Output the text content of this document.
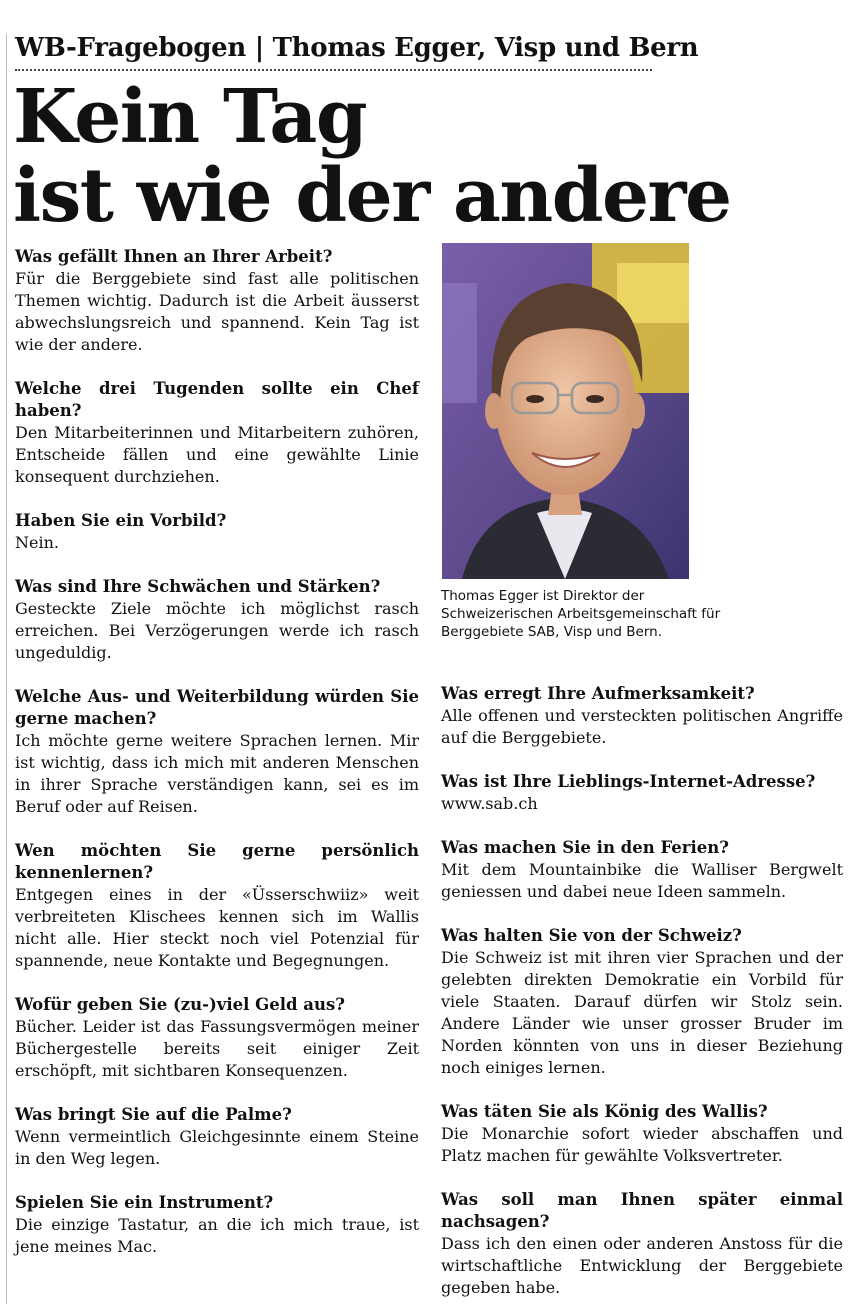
WB-Fragebogen | Thomas Egger, Visp und Bern
Kein Tag
ist wie der andere

Was gefällt Ihnen an Ihrer Arbeit?

Für die Berggebiete sind fast alle politischen Themen wichtig. Dadurch ist die Arbeit äusserst abwechslungsreich und spannend. Kein Tag ist wie der andere.

Welche drei Tugenden sollte ein Chef haben?

Den Mitarbeiterinnen und Mitarbeitern zuhören, Entscheide fällen und eine gewählte Linie konsequent durchziehen.

Haben Sie ein Vorbild?

Nein.

Was sind Ihre Schwächen und Stärken?

Gesteckte Ziele möchte ich möglichst rasch erreichen. Bei Verzögerungen werde ich rasch ungeduldig.

Welche Aus- und Weiterbildung würden Sie gerne machen?

Ich möchte gerne weitere Sprachen lernen. Mir ist wichtig, dass ich mich mit anderen Menschen in ihrer Sprache verständigen kann, sei es im Beruf oder auf Reisen.

Wen möchten Sie gerne persönlich kennenlernen?

Entgegen eines in der «Üsserschwiiz» weit verbreiteten Klischees kennen sich im Wallis nicht alle. Hier steckt noch viel Potenzial für spannende, neue Kontakte und Begegnungen.

Wofür geben Sie (zu-)viel Geld aus?

Bücher. Leider ist das Fassungsvermögen meiner Büchergestelle bereits seit einiger Zeit erschöpft, mit sichtbaren Konsequenzen.

Was bringt Sie auf die Palme?

Wenn vermeintlich Gleichgesinnte einem Steine in den Weg legen.

Spielen Sie ein Instrument?

Die einzige Tastatur, an die ich mich traue, ist jene meines Mac.

Thomas Egger ist Direktor der Schweizerischen Arbeitsgemeinschaft für Berggebiete SAB, Visp und Bern.

Was erregt Ihre Aufmerksamkeit?

Alle offenen und versteckten politischen Angriffe auf die Berggebiete.

Was ist Ihre Lieblings-Internet-Adresse?

www.sab.ch

Was machen Sie in den Ferien?

Mit dem Mountainbike die Walliser Bergwelt geniessen und dabei neue Ideen sammeln.

Was halten Sie von der Schweiz?

Die Schweiz ist mit ihren vier Sprachen und der gelebten direkten Demokratie ein Vorbild für viele Staaten. Darauf dürfen wir Stolz sein. Andere Länder wie unser grosser Bruder im Norden könnten von uns in dieser Beziehung noch einiges lernen.

Was täten Sie als König des Wallis?

Die Monarchie sofort wieder abschaffen und Platz machen für gewählte Volksvertreter.

Was soll man Ihnen später einmal nachsagen?

Dass ich den einen oder anderen Anstoss für die wirtschaftliche Entwicklung der Berggebiete gegeben habe.
